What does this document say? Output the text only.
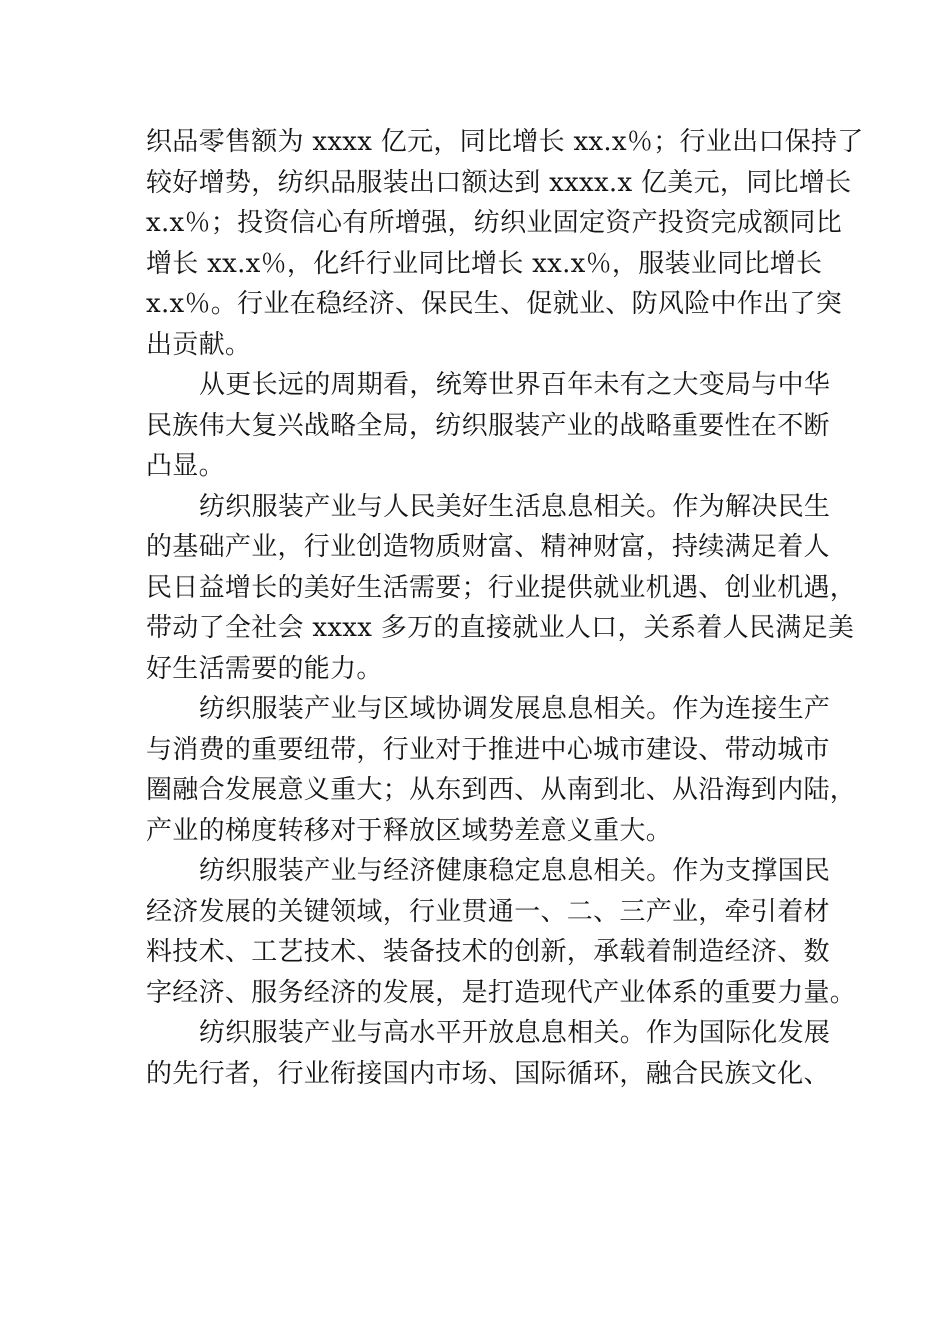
织品零售额为 xxxx 亿元，同比增长 xx.x％；行业出口保持了
较好增势，纺织品服装出口额达到 xxxx.x 亿美元，同比增长
x.x％；投资信心有所增强，纺织业固定资产投资完成额同比
增长 xx.x％，化纤行业同比增长 xx.x％，服装业同比增长
x.x％。行业在稳经济、保民生、促就业、防风险中作出了突
出贡献。
从更长远的周期看，统筹世界百年未有之大变局与中华
民族伟大复兴战略全局，纺织服装产业的战略重要性在不断
凸显。
纺织服装产业与人民美好生活息息相关。作为解决民生
的基础产业，行业创造物质财富、精神财富，持续满足着人
民日益增长的美好生活需要；行业提供就业机遇、创业机遇，
带动了全社会 xxxx 多万的直接就业人口，关系着人民满足美
好生活需要的能力。
纺织服装产业与区域协调发展息息相关。作为连接生产
与消费的重要纽带，行业对于推进中心城市建设、带动城市
圈融合发展意义重大；从东到西、从南到北、从沿海到内陆，
产业的梯度转移对于释放区域势差意义重大。
纺织服装产业与经济健康稳定息息相关。作为支撑国民
经济发展的关键领域，行业贯通一、二、三产业，牵引着材
料技术、工艺技术、装备技术的创新，承载着制造经济、数
字经济、服务经济的发展，是打造现代产业体系的重要力量。
纺织服装产业与高水平开放息息相关。作为国际化发展
的先行者，行业衔接国内市场、国际循环，融合民族文化、
